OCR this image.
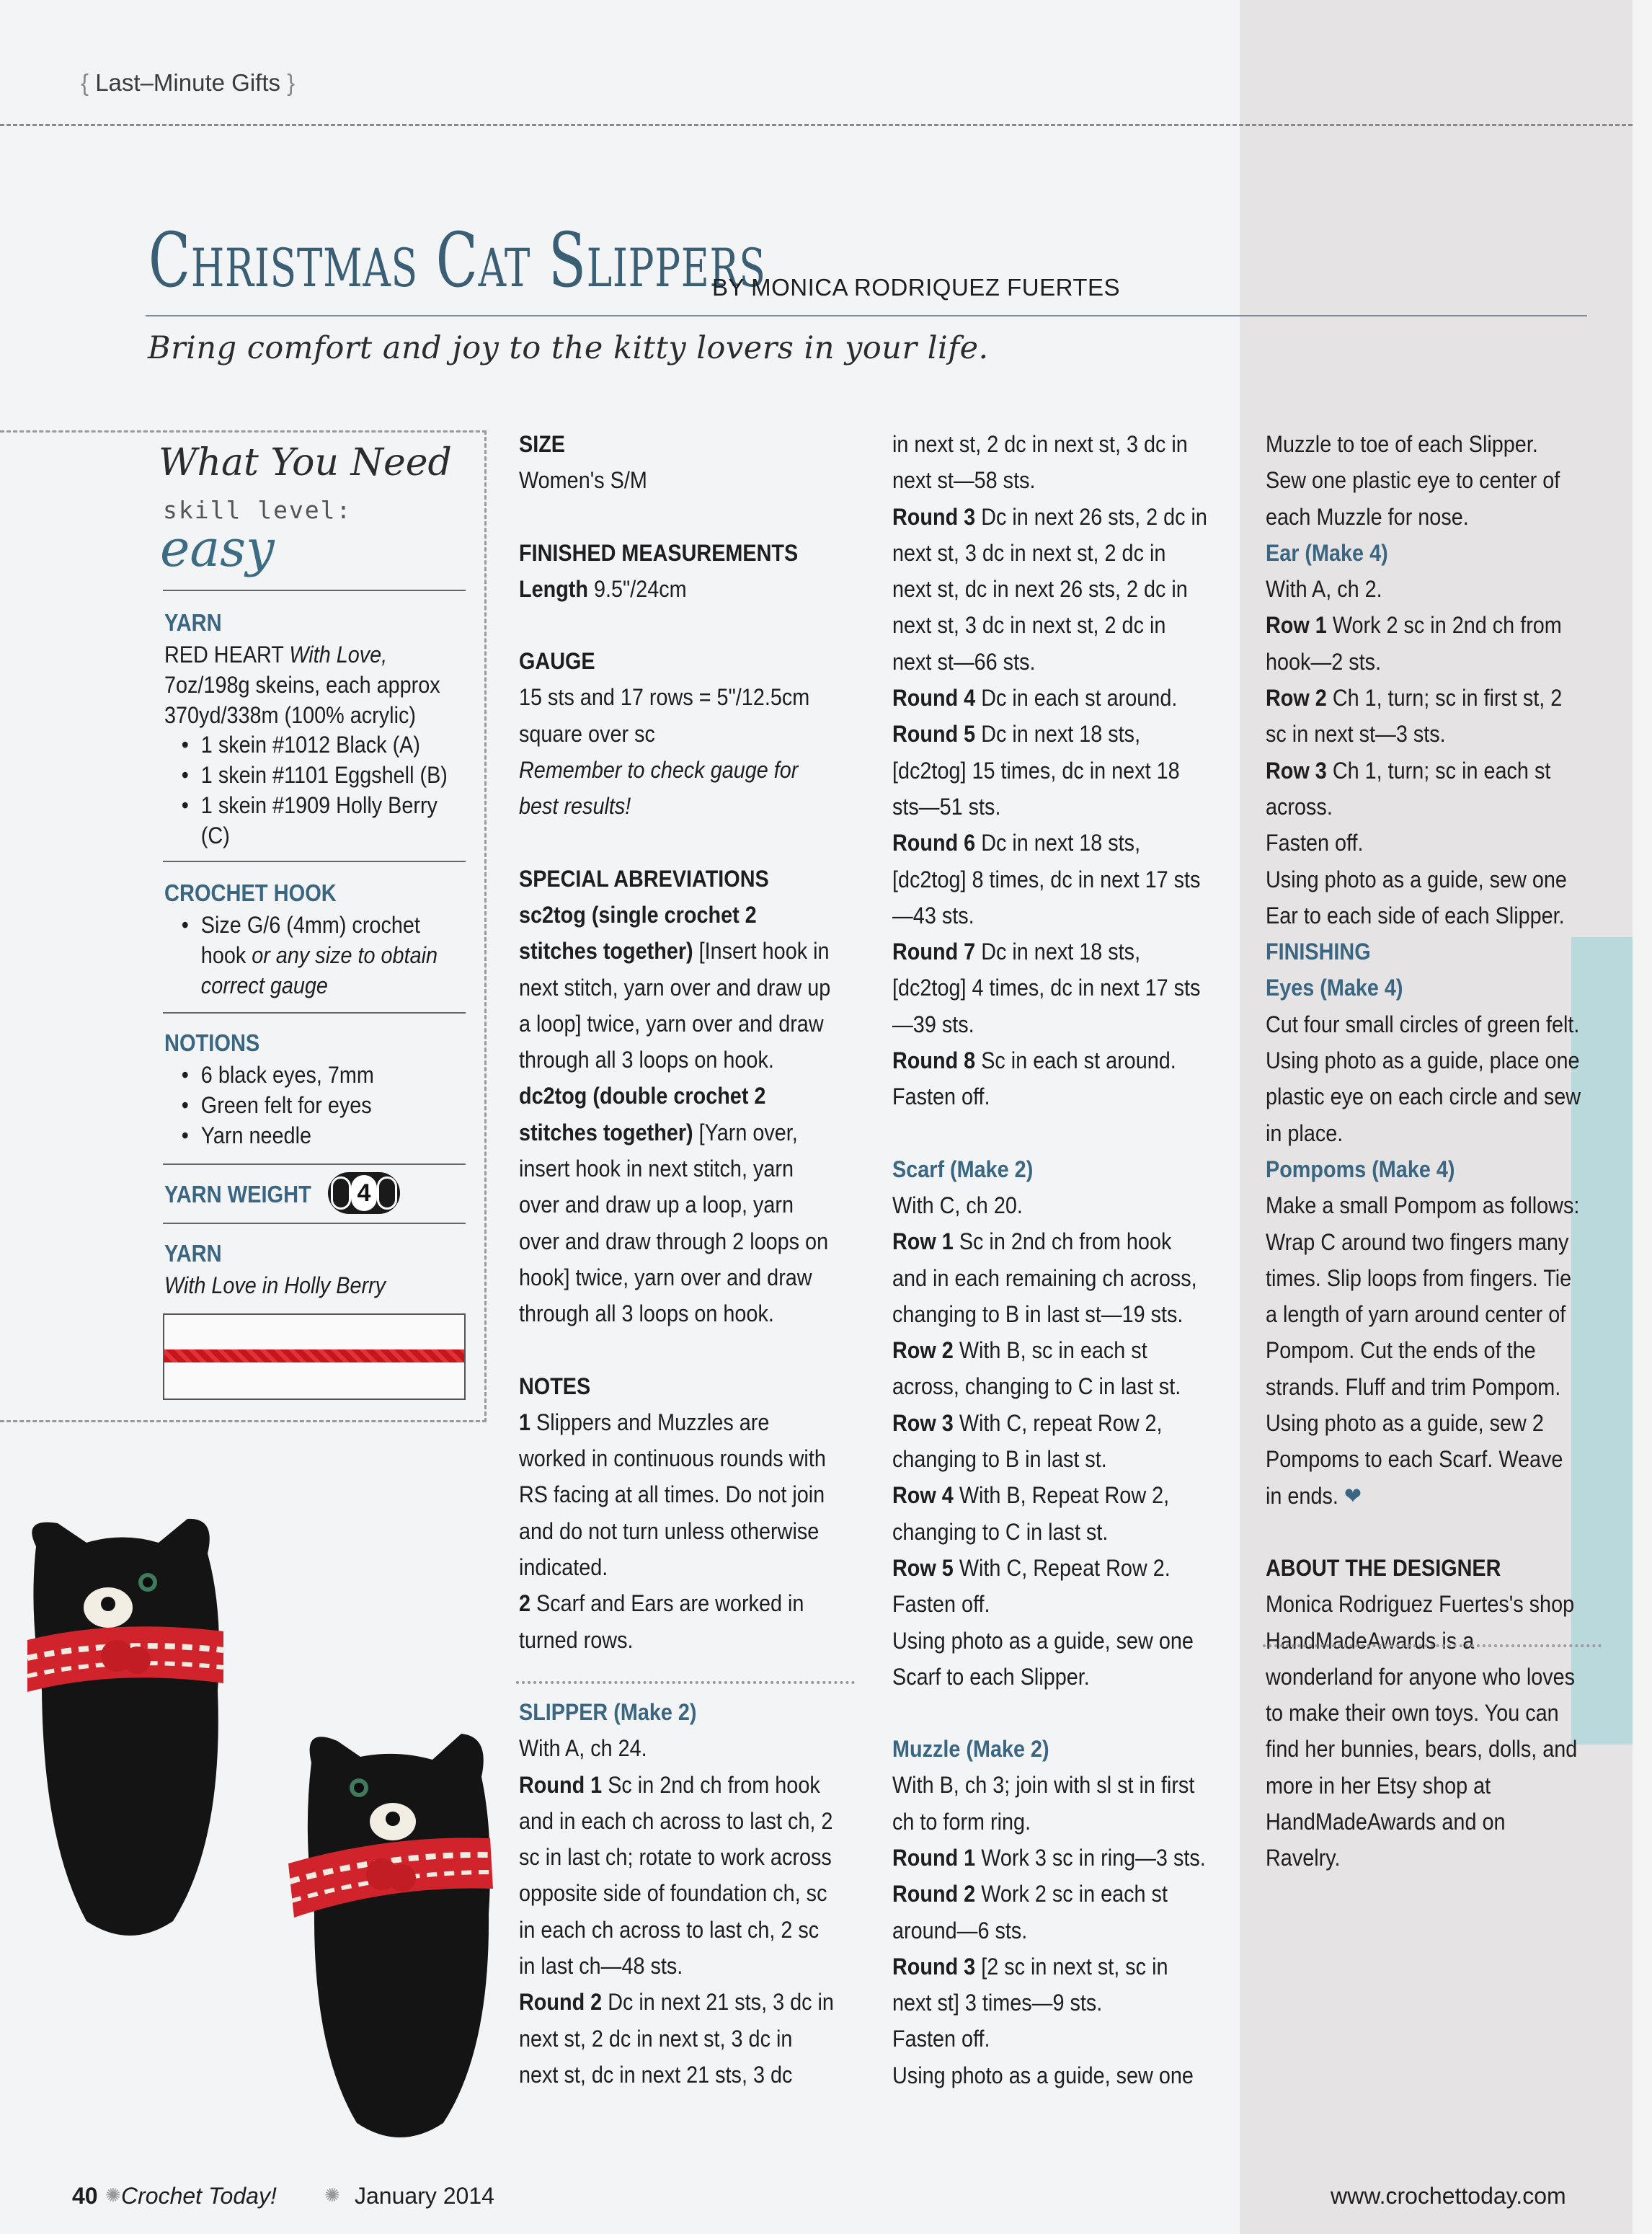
{ Last–Minute Gifts }
Christmas Cat Slippers
BY MONICA RODRIQUEZ FUERTES
Bring comfort and joy to the kitty lovers in your life.
What You Need
skill level:
easy
YARN
RED HEART With Love, 7oz/198g skeins, each approx 370yd/338m (100% acrylic)
• 1 skein #1012 Black (A)
• 1 skein #1101 Eggshell (B)
• 1 skein #1909 Holly Berry (C)
CROCHET HOOK
• Size G/6 (4mm) crochet hook or any size to obtain correct gauge
NOTIONS
• 6 black eyes, 7mm
• Green felt for eyes
• Yarn needle
YARN WEIGHT 4
YARN
With Love in Holly Berry

SIZE

Women's S/M

FINISHED MEASUREMENTS

Length 9.5"/24cm

GAUGE

15 sts and 17 rows = 5"/12.5cm square over sc

Remember to check gauge for best results!

SPECIAL ABREVIATIONS

sc2tog (single crochet 2 stitches together) [Insert hook in next stitch, yarn over and draw up a loop] twice, yarn over and draw through all 3 loops on hook.

dc2tog (double crochet 2 stitches together) [Yarn over, insert hook in next stitch, yarn over and draw up a loop, yarn over and draw through 2 loops on hook] twice, yarn over and draw through all 3 loops on hook.

NOTES

1 Slippers and Muzzles are worked in continuous rounds with RS facing at all times. Do not join and do not turn unless otherwise indicated.

2 Scarf and Ears are worked in turned rows.

SLIPPER (Make 2)

With A, ch 24.

Round 1 Sc in 2nd ch from hook and in each ch across to last ch, 2 sc in last ch; rotate to work across opposite side of foundation ch, sc in each ch across to last ch, 2 sc in last ch—48 sts.

Round 2 Dc in next 21 sts, 3 dc in next st, 2 dc in next st, 3 dc in next st, dc in next 21 sts, 3 dc

in next st, 2 dc in next st, 3 dc in next st—58 sts.

Round 3 Dc in next 26 sts, 2 dc in next st, 3 dc in next st, 2 dc in next st, dc in next 26 sts, 2 dc in next st, 3 dc in next st, 2 dc in next st—66 sts.

Round 4 Dc in each st around.

Round 5 Dc in next 18 sts, [dc2tog] 15 times, dc in next 18 sts—51 sts.

Round 6 Dc in next 18 sts, [dc2tog] 8 times, dc in next 17 sts—43 sts.

Round 7 Dc in next 18 sts, [dc2tog] 4 times, dc in next 17 sts—39 sts.

Round 8 Sc in each st around.

Fasten off.

Scarf (Make 2)

With C, ch 20.

Row 1 Sc in 2nd ch from hook and in each remaining ch across, changing to B in last st—19 sts.

Row 2 With B, sc in each st across, changing to C in last st.

Row 3 With C, repeat Row 2, changing to B in last st.

Row 4 With B, Repeat Row 2, changing to C in last st.

Row 5 With C, Repeat Row 2.

Fasten off.

Using photo as a guide, sew one Scarf to each Slipper.

Muzzle (Make 2)

With B, ch 3; join with sl st in first ch to form ring.

Round 1 Work 3 sc in ring—3 sts.

Round 2 Work 2 sc in each st around—6 sts.

Round 3 [2 sc in next st, sc in next st] 3 times—9 sts.

Fasten off.

Using photo as a guide, sew one

Muzzle to toe of each Slipper. Sew one plastic eye to center of each Muzzle for nose.

Ear (Make 4)

With A, ch 2.

Row 1 Work 2 sc in 2nd ch from hook—2 sts.

Row 2 Ch 1, turn; sc in first st, 2 sc in next st—3 sts.

Row 3 Ch 1, turn; sc in each st across.

Fasten off.

Using photo as a guide, sew one Ear to each side of each Slipper.

FINISHING

Eyes (Make 4)

Cut four small circles of green felt. Using photo as a guide, place one plastic eye on each circle and sew in place.

Pompoms (Make 4)

Make a small Pompom as follows: Wrap C around two fingers many times. Slip loops from fingers. Tie a length of yarn around center of Pompom. Cut the ends of the strands. Fluff and trim Pompom. Using photo as a guide, sew 2 Pompoms to each Scarf. Weave in ends. ❤

ABOUT THE DESIGNER

Monica Rodriguez Fuertes's shop HandMadeAwards is a wonderland for anyone who loves to make their own toys. You can find her bunnies, bears, dolls, and more in her Etsy shop at HandMadeAwards and on Ravelry.

40 ✺ Crochet Today!	✺ January 2014	www.crochettoday.com
